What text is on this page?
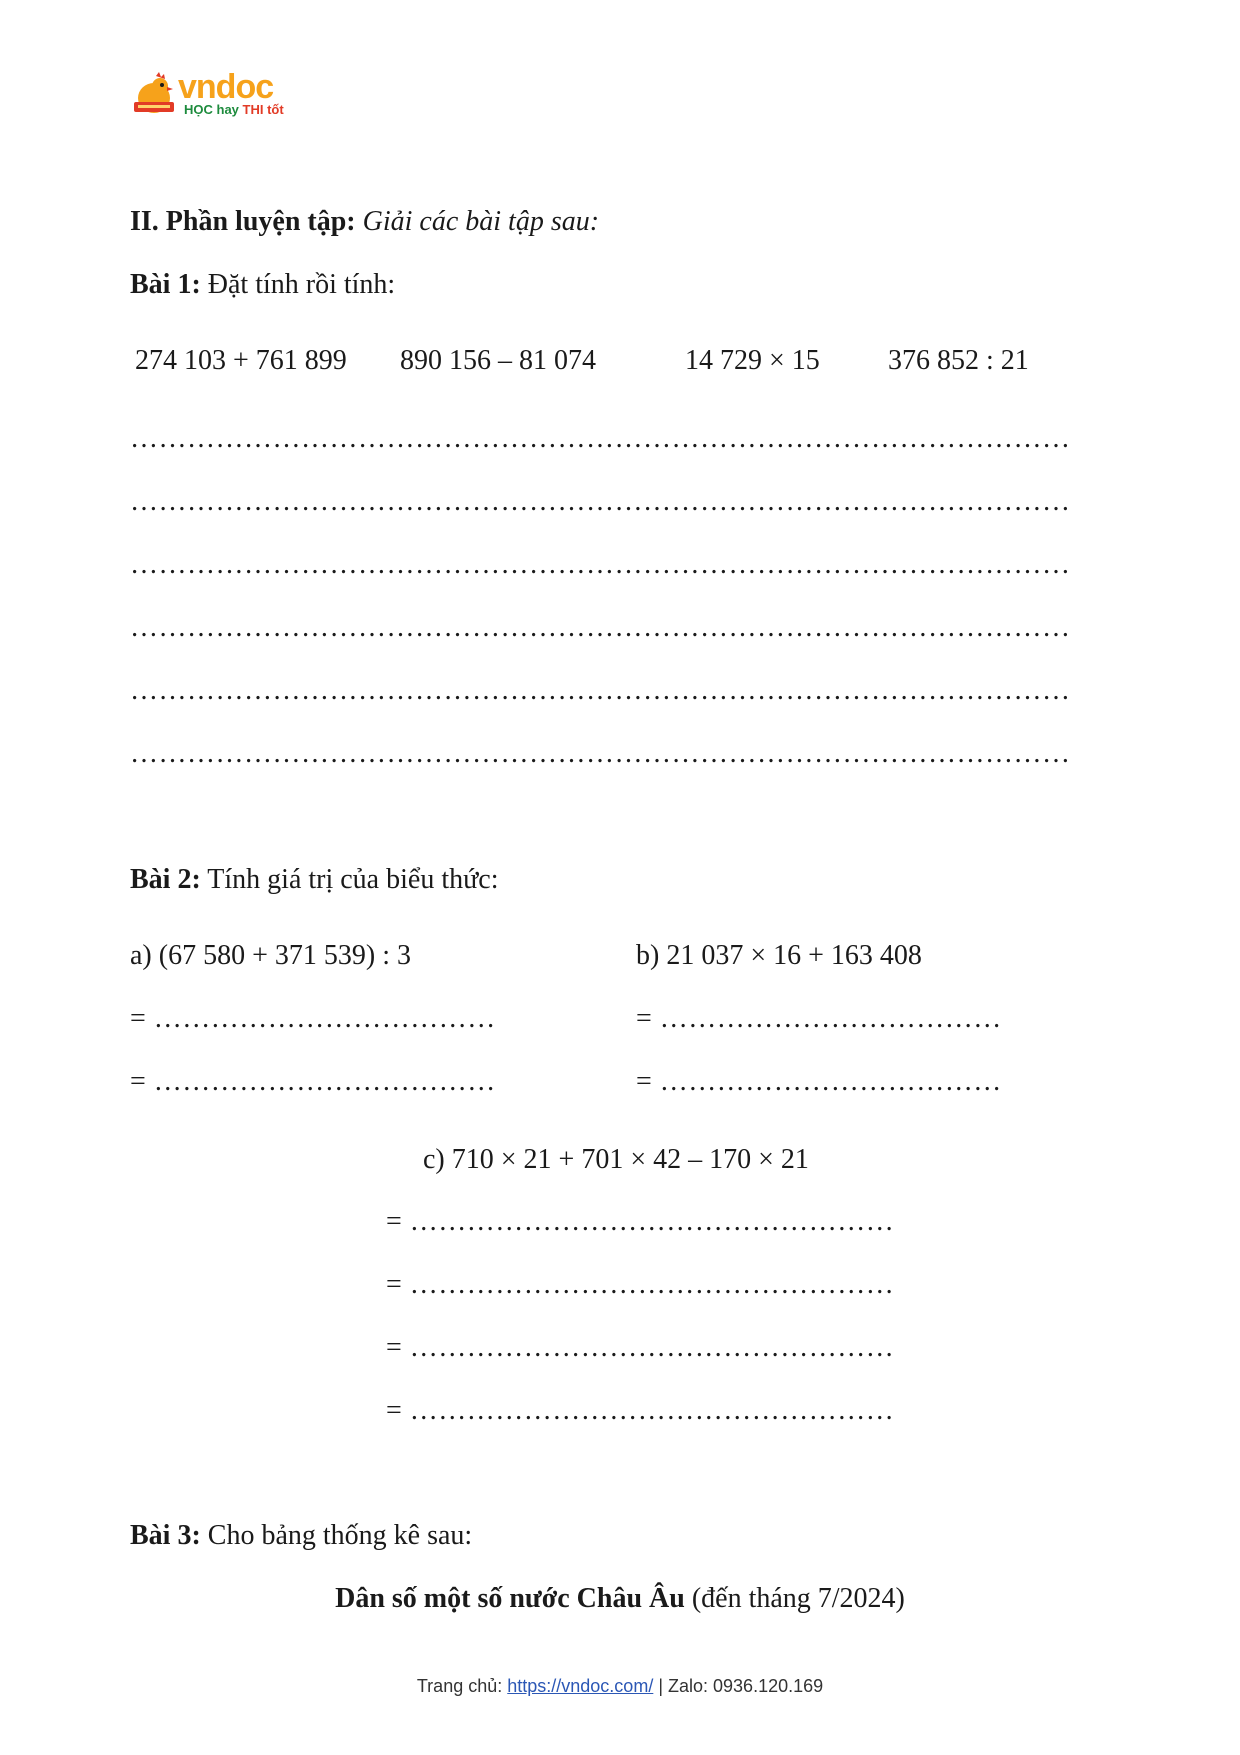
vndoc
HỌC hay THI tốt
II. Phần luyện tập: Giải các bài tập sau:
Bài 1: Đặt tính rồi tính:
274 103 + 761 899 890 156 – 81 074	14 729 × 15 376 852 : 21
………………………………………………………………………………………
………………………………………………………………………………………
………………………………………………………………………………………
………………………………………………………………………………………
………………………………………………………………………………………
………………………………………………………………………………………
Bài 2: Tính giá trị của biểu thức:
a) (67 580 + 371 539) : 3	b) 21 037 × 16 + 163 408
= ………………………………	= ………………………………
= ………………………………	= ………………………………
c) 710 × 21 + 701 × 42 – 170 × 21
= ……………………………………………
= ……………………………………………
= ……………………………………………
= ……………………………………………
Bài 3: Cho bảng thống kê sau:
Dân số một số nước Châu Âu (đến tháng 7/2024)
Trang chủ: https://vndoc.com/ | Zalo: 0936.120.169
